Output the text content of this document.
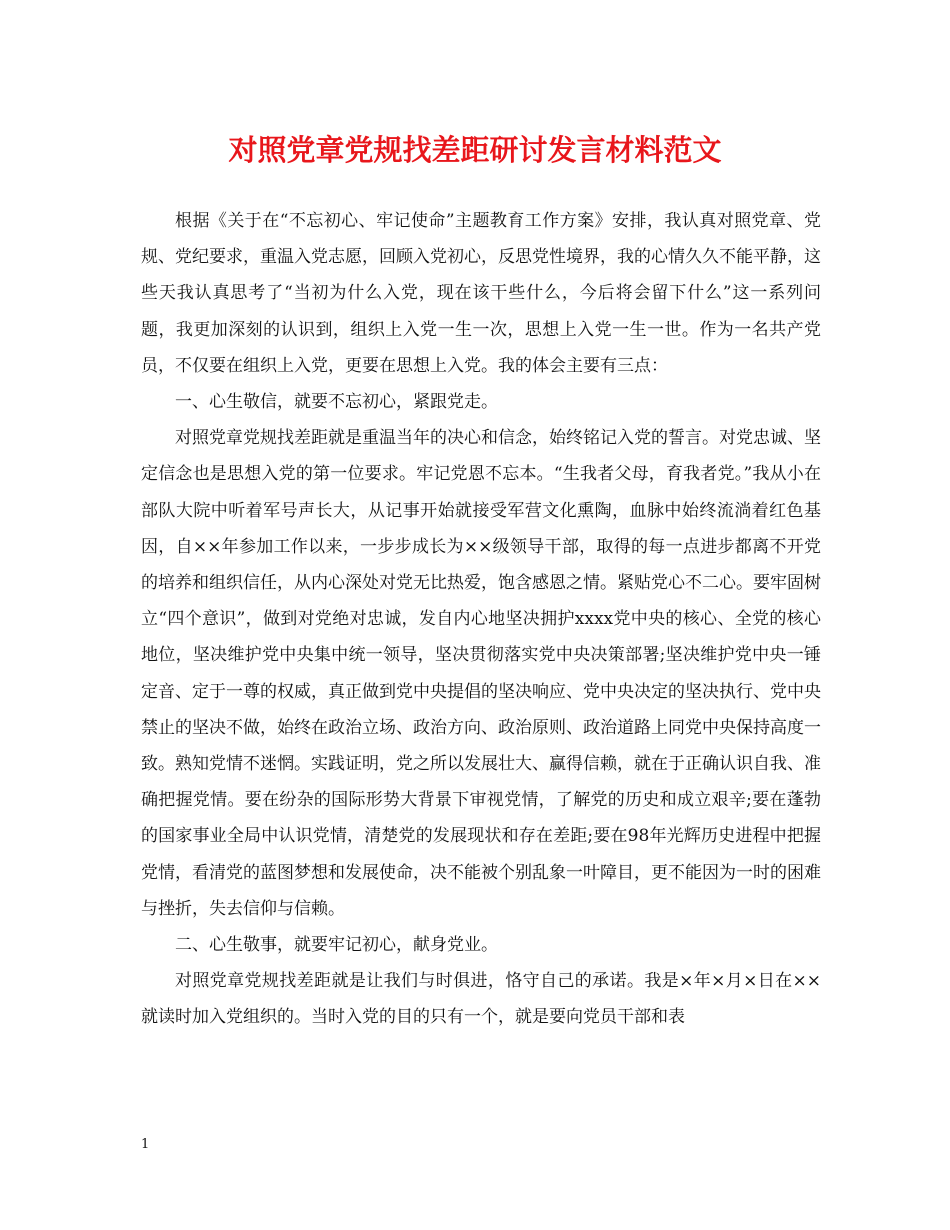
对照党章党规找差距研讨发言材料范文

根据《关于在“不忘初心、牢记使命”主题教育工作方案》安排，我认真对照党章、党规、党纪要求，重温入党志愿，回顾入党初心，反思党性境界，我的心情久久不能平静，这些天我认真思考了“当初为什么入党，现在该干些什么，今后将会留下什么”这一系列问题，我更加深刻的认识到，组织上入党一生一次，思想上入党一生一世。作为一名共产党员，不仅要在组织上入党，更要在思想上入党。我的体会主要有三点：

一、心生敬信，就要不忘初心，紧跟党走。

对照党章党规找差距就是重温当年的决心和信念，始终铭记入党的誓言。对党忠诚、坚定信念也是思想入党的第一位要求。牢记党恩不忘本。“生我者父母，育我者党。”我从小在部队大院中听着军号声长大，从记事开始就接受军营文化熏陶，血脉中始终流淌着红色基因，自××年参加工作以来，一步步成长为××级领导干部，取得的每一点进步都离不开党的培养和组织信任，从内心深处对党无比热爱，饱含感恩之情。紧贴党心不二心。要牢固树立“四个意识”，做到对党绝对忠诚，发自内心地坚决拥护xxxx党中央的核心、全党的核心地位，坚决维护党中央集中统一领导，坚决贯彻落实党中央决策部署;坚决维护党中央一锤定音、定于一尊的权威，真正做到党中央提倡的坚决响应、党中央决定的坚决执行、党中央禁止的坚决不做，始终在政治立场、政治方向、政治原则、政治道路上同党中央保持高度一致。熟知党情不迷惘。实践证明，党之所以发展壮大、赢得信赖，就在于正确认识自我、准确把握党情。要在纷杂的国际形势大背景下审视党情，了解党的历史和成立艰辛;要在蓬勃的国家事业全局中认识党情，清楚党的发展现状和存在差距;要在98年光辉历史进程中把握党情，看清党的蓝图梦想和发展使命，决不能被个别乱象一叶障目，更不能因为一时的困难与挫折，失去信仰与信赖。

二、心生敬事，就要牢记初心，献身党业。

对照党章党规找差距就是让我们与时俱进，恪守自己的承诺。我是×年×月×日在××就读时加入党组织的。当时入党的目的只有一个，就是要向党员干部和表

1
